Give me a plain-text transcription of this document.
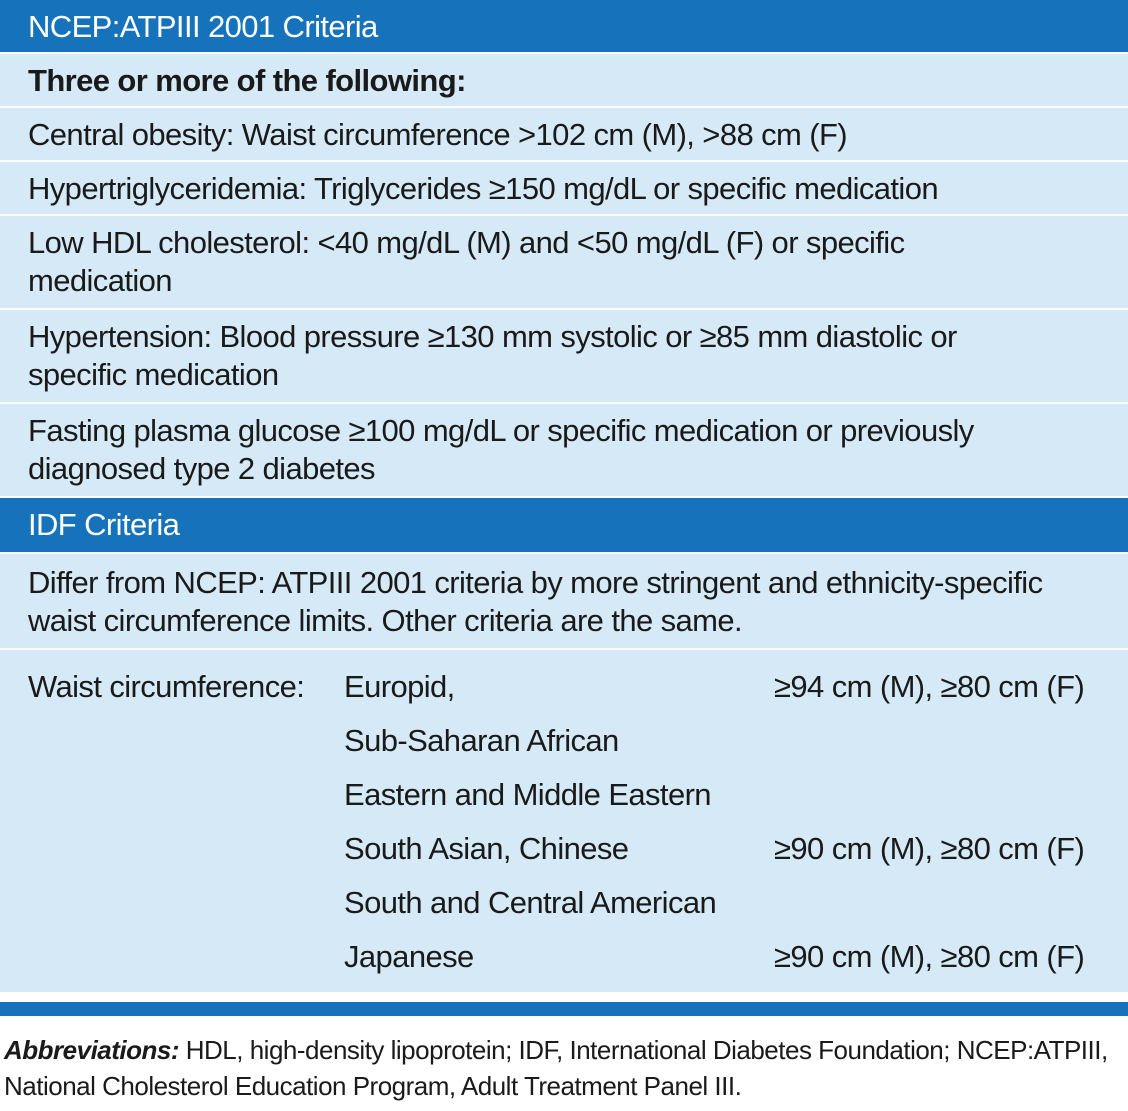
NCEP:ATPIII 2001 Criteria
Three or more of the following:
Central obesity: Waist circumference >102 cm (M), >88 cm (F)
Hypertriglyceridemia: Triglycerides ≥150 mg/dL or specific medication
Low HDL cholesterol: <40 mg/dL (M) and <50 mg/dL (F) or specific medication
Hypertension: Blood pressure ≥130 mm systolic or ≥85 mm diastolic or specific medication
Fasting plasma glucose ≥100 mg/dL or specific medication or previously diagnosed type 2 diabetes
IDF Criteria
Differ from NCEP: ATPIII 2001 criteria by more stringent and ethnicity-specific waist circumference limits. Other criteria are the same.
Waist circumference: Europid,	≥94 cm (M), ≥80 cm (F)
Sub-Saharan African
Eastern and Middle Eastern
South Asian, Chinese	≥90 cm (M), ≥80 cm (F)
South and Central American
Japanese	≥90 cm (M), ≥80 cm (F)
Abbreviations: HDL, high-density lipoprotein; IDF, International Diabetes Foundation; NCEP:ATPIII, National Cholesterol Education Program, Adult Treatment Panel III.
